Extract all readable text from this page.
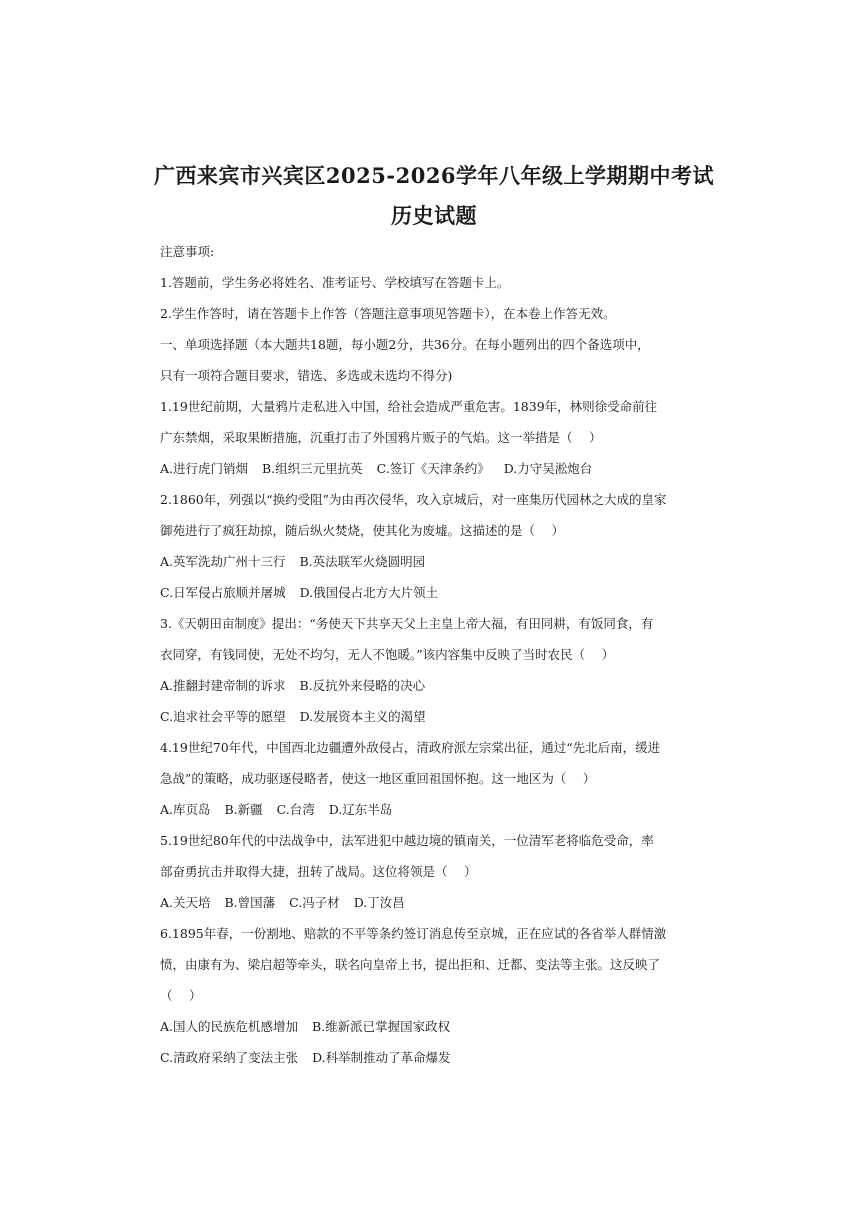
广西来宾市兴宾区2025-2026学年八年级上学期期中考试
历史试题
注意事项:
1.答题前，学生务必将姓名、准考证号、学校填写在答题卡上。
2.学生作答时，请在答题卡上作答（答题注意事项见答题卡），在本卷上作答无效。
一、单项选择题（本大题共18题，每小题2分，共36分。在每小题列出的四个备选项中，
只有一项符合题目要求，错选、多选或未选均不得分)
1.19世纪前期，大量鸦片走私进入中国，给社会造成严重危害。1839年，林则徐受命前往
广东禁烟，采取果断措施，沉重打击了外国鸦片贩子的气焰。这一举措是（　 ）
A.进行虎门销烟 B.组织三元里抗英 C.签订《天津条约》 D.力守吴淞炮台
2.1860年，列强以“换约受阻”为由再次侵华，攻入京城后，对一座集历代园林之大成的皇家
御苑进行了疯狂劫掠，随后纵火焚烧，使其化为废墟。这描述的是（　 ）
A.英军洗劫广州十三行 B.英法联军火烧圆明园
C.日军侵占旅顺并屠城 D.俄国侵占北方大片领土
3.《天朝田亩制度》提出：“务使天下共享天父上主皇上帝大福，有田同耕，有饭同食，有
衣同穿，有钱同使，无处不均匀，无人不饱暖。”该内容集中反映了当时农民（　 ）
A.推翻封建帝制的诉求 B.反抗外来侵略的决心
C.追求社会平等的愿望 D.发展资本主义的渴望
4.19世纪70年代，中国西北边疆遭外敌侵占，清政府派左宗棠出征，通过“先北后南，缓进
急战”的策略，成功驱逐侵略者，使这一地区重回祖国怀抱。这一地区为（　 ）
A.库页岛 B.新疆 C.台湾 D.辽东半岛
5.19世纪80年代的中法战争中，法军进犯中越边境的镇南关，一位清军老将临危受命，率
部奋勇抗击并取得大捷，扭转了战局。这位将领是（　 ）
A.关天培 B.曾国藩 C.冯子材 D.丁汝昌
6.1895年春，一份割地、赔款的不平等条约签订消息传至京城，正在应试的各省举人群情激
愤，由康有为、梁启超等牵头，联名向皇帝上书，提出拒和、迁都、变法等主张。这反映了
（　 ）
A.国人的民族危机感增加 B.维新派已掌握国家政权
C.清政府采纳了变法主张 D.科举制推动了革命爆发
